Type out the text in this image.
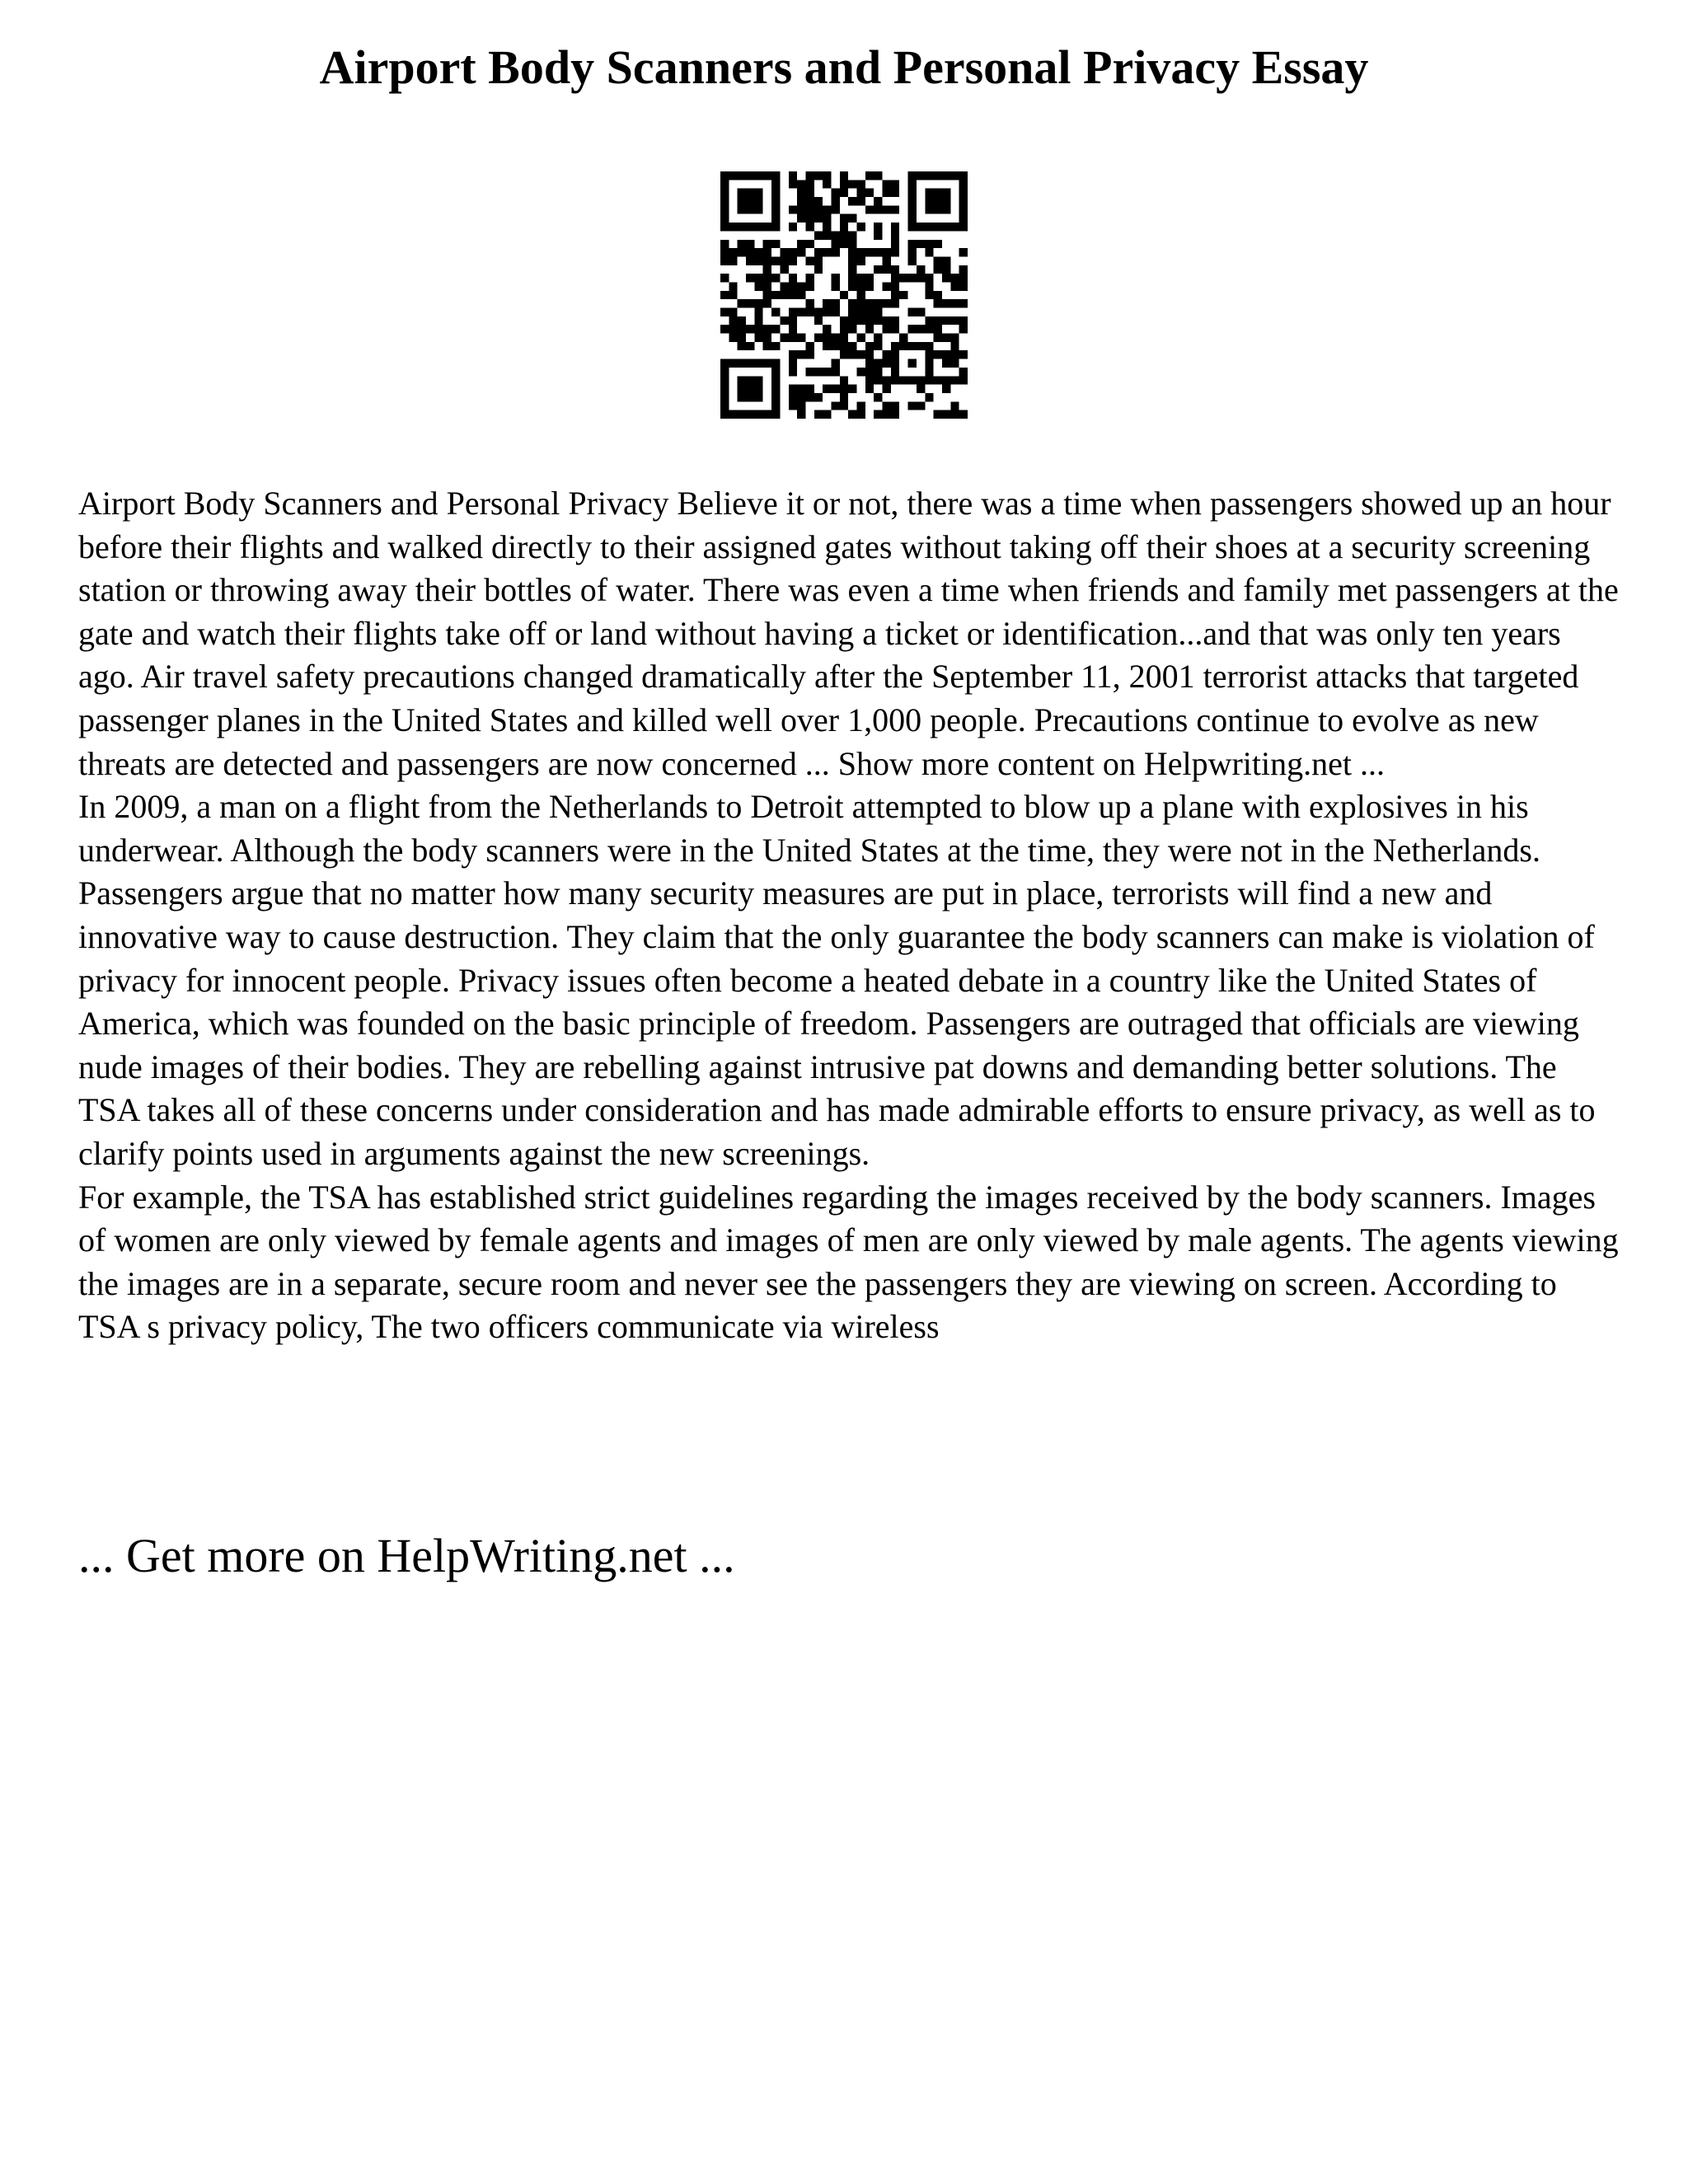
Airport Body Scanners and Personal Privacy Essay

Airport Body Scanners and Personal Privacy Believe it or not, there was a time when passengers showed up an hour before their flights and walked directly to their assigned gates without taking off their shoes at a security screening station or throwing away their bottles of water. There was even a time when friends and family met passengers at the gate and watch their flights take off or land without having a ticket or identification...and that was only ten years ago. Air travel safety precautions changed dramatically after the September 11, 2001 terrorist attacks that targeted passenger planes in the United States and killed well over 1,000 people. Precautions continue to evolve as new threats are detected and passengers are now concerned ... Show more content on Helpwriting.net ...

In 2009, a man on a flight from the Netherlands to Detroit attempted to blow up a plane with explosives in his underwear. Although the body scanners were in the United States at the time, they were not in the Netherlands. Passengers argue that no matter how many security measures are put in place, terrorists will find a new and innovative way to cause destruction. They claim that the only guarantee the body scanners can make is violation of privacy for innocent people. Privacy issues often become a heated debate in a country like the United States of America, which was founded on the basic principle of freedom. Passengers are outraged that officials are viewing nude images of their bodies. They are rebelling against intrusive pat downs and demanding better solutions. The TSA takes all of these concerns under consideration and has made admirable efforts to ensure privacy, as well as to clarify points used in arguments against the new screenings.

For example, the TSA has established strict guidelines regarding the images received by the body scanners. Images of women are only viewed by female agents and images of men are only viewed by male agents. The agents viewing the images are in a separate, secure room and never see the passengers they are viewing on screen. According to TSA s privacy policy, The two officers communicate via wireless

... Get more on HelpWriting.net ...
